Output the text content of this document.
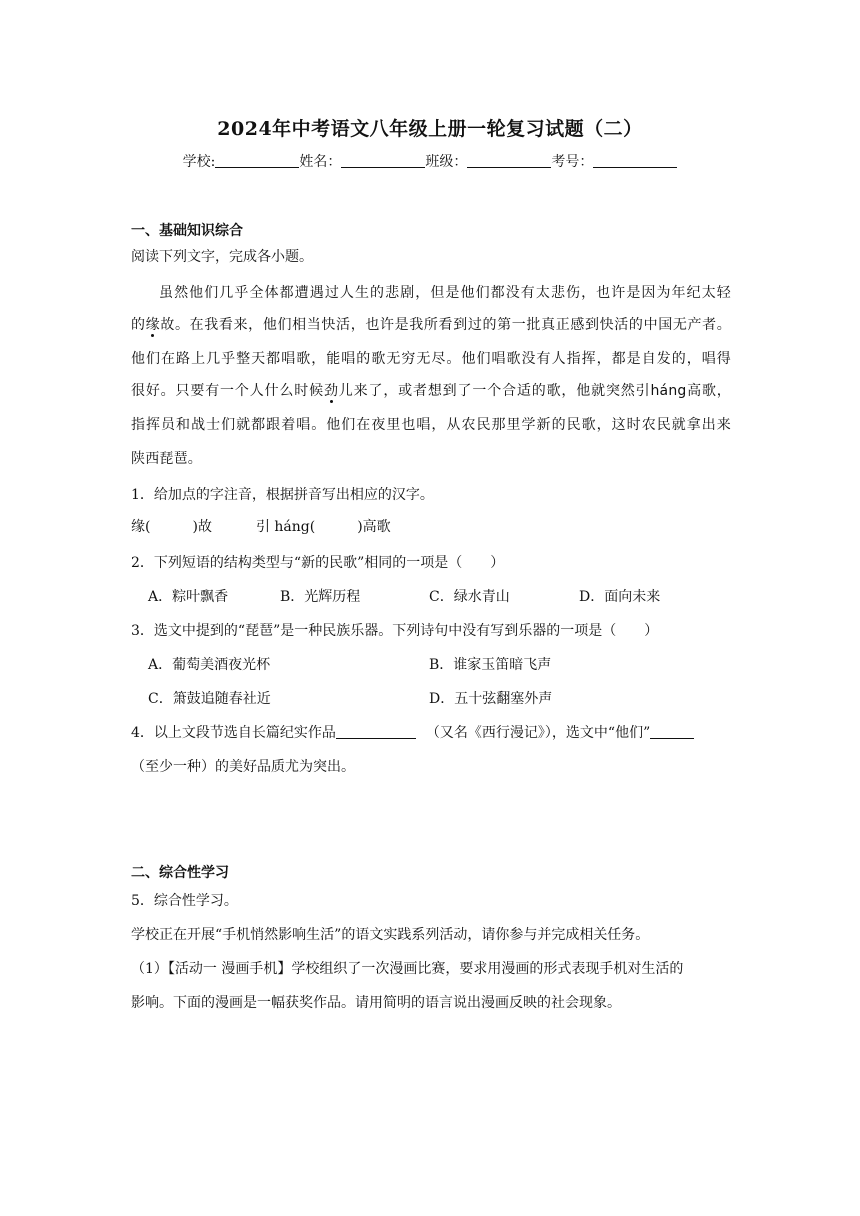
2024年中考语文八年级上册一轮复习试题（二）
学校:	姓名：	班级：	考号：
一、基础知识综合
阅读下列文字，完成各小题。
虽然他们几乎全体都遭遇过人生的悲剧，但是他们都没有太悲伤，也许是因为年纪太轻
的缘故。在我看来，他们相当快活，也许是我所看到过的第一批真正感到快活的中国无产者。
他们在路上几乎整天都唱歌，能唱的歌无穷无尽。他们唱歌没有人指挥，都是自发的，唱得
很好。只要有一个人什么时候劲儿来了，或者想到了一个合适的歌，他就突然引háng高歌，
指挥员和战士们就都跟着唱。他们在夜里也唱，从农民那里学新的民歌，这时农民就拿出来
陕西琵琶。
1．给加点的字注音，根据拼音写出相应的汉字。
缘(　　　)故	引 háng(　　　)高歌
2．下列短语的结构类型与“新的民歌”相同的一项是（　　）
A．粽叶飘香	B．光辉历程	C．绿水青山	D．面向未来
3．选文中提到的“琵琶”是一种民族乐器。下列诗句中没有写到乐器的一项是（　　）
A．葡萄美酒夜光杯	B．谁家玉笛暗飞声
C．箫鼓追随春社近	D．五十弦翻塞外声
4．以上文段节选自长篇纪实作品	（又名《西行漫记》），选文中“他们”
（至少一种）的美好品质尤为突出。
二、综合性学习
5．综合性学习。
学校正在开展“手机悄然影响生活”的语文实践系列活动，请你参与并完成相关任务。
（1）【活动一 漫画手机】学校组织了一次漫画比赛，要求用漫画的形式表现手机对生活的
影响。下面的漫画是一幅获奖作品。请用简明的语言说出漫画反映的社会现象。
